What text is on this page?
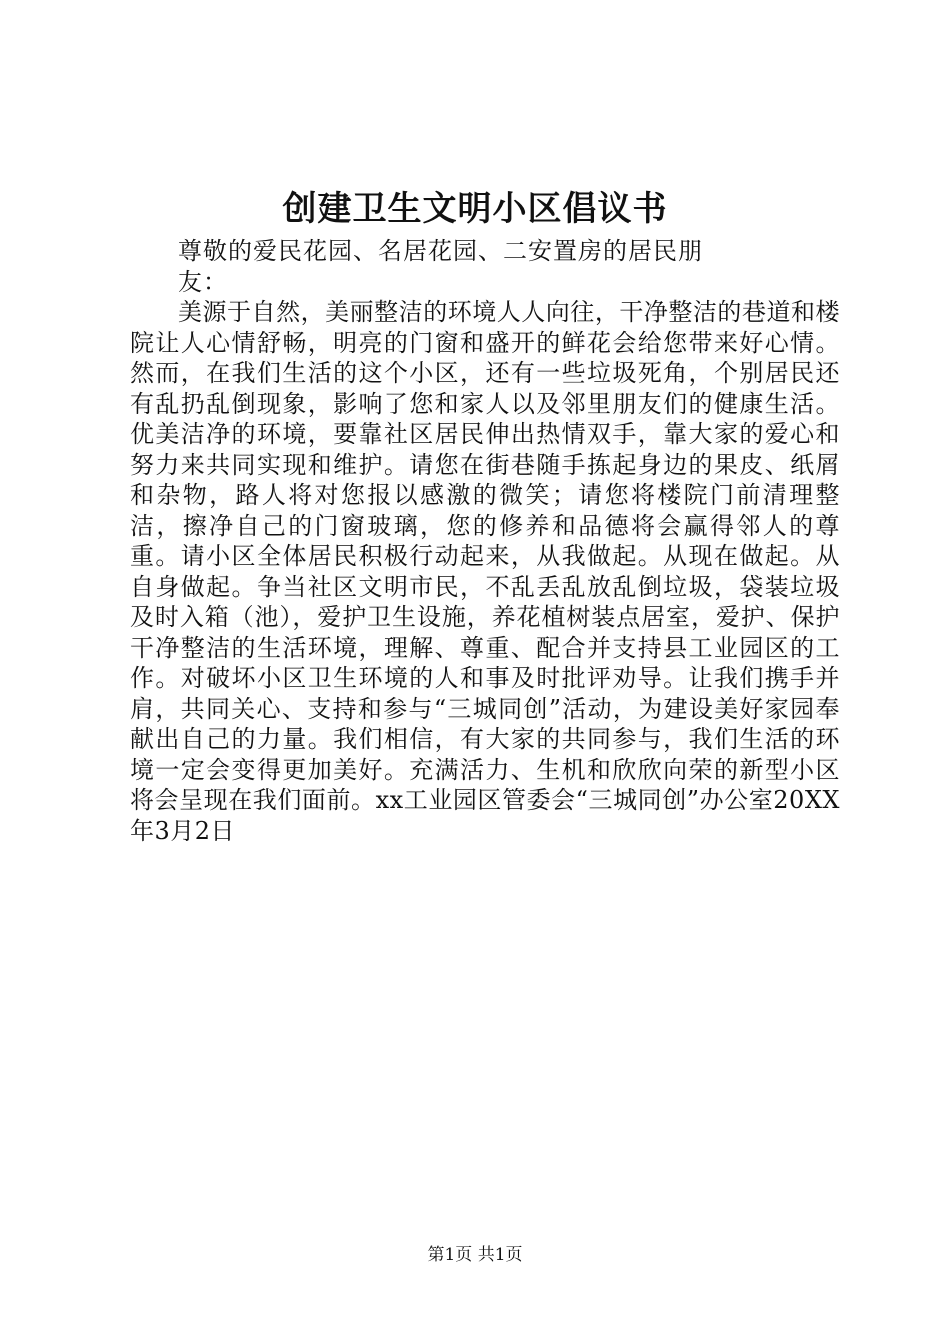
创建卫生文明小区倡议书

尊敬的爱民花园、名居花园、二安置房的居民朋友：

美源于自然，美丽整洁的环境人人向往，干净整洁的巷道和楼院让人心情舒畅，明亮的门窗和盛开的鲜花会给您带来好心情。然而，在我们生活的这个小区，还有一些垃圾死角，个别居民还有乱扔乱倒现象，影响了您和家人以及邻里朋友们的健康生活。优美洁净的环境，要靠社区居民伸出热情双手，靠大家的爱心和努力来共同实现和维护。请您在街巷随手拣起身边的果皮、纸屑和杂物，路人将对您报以感激的微笑；请您将楼院门前清理整洁，擦净自己的门窗玻璃，您的修养和品德将会赢得邻人的尊重。请小区全体居民积极行动起来，从我做起。从现在做起。从自身做起。争当社区文明市民，不乱丢乱放乱倒垃圾，袋装垃圾及时入箱（池），爱护卫生设施，养花植树装点居室，爱护、保护干净整洁的生活环境，理解、尊重、配合并支持县工业园区的工作。对破坏小区卫生环境的人和事及时批评劝导。让我们携手并肩，共同关心、支持和参与“三城同创”活动，为建设美好家园奉献出自己的力量。我们相信，有大家的共同参与，我们生活的环境一定会变得更加美好。充满活力、生机和欣欣向荣的新型小区将会呈现在我们面前。xx工业园区管委会“三城同创”办公室20XX年3月2日

第1页 共1页
